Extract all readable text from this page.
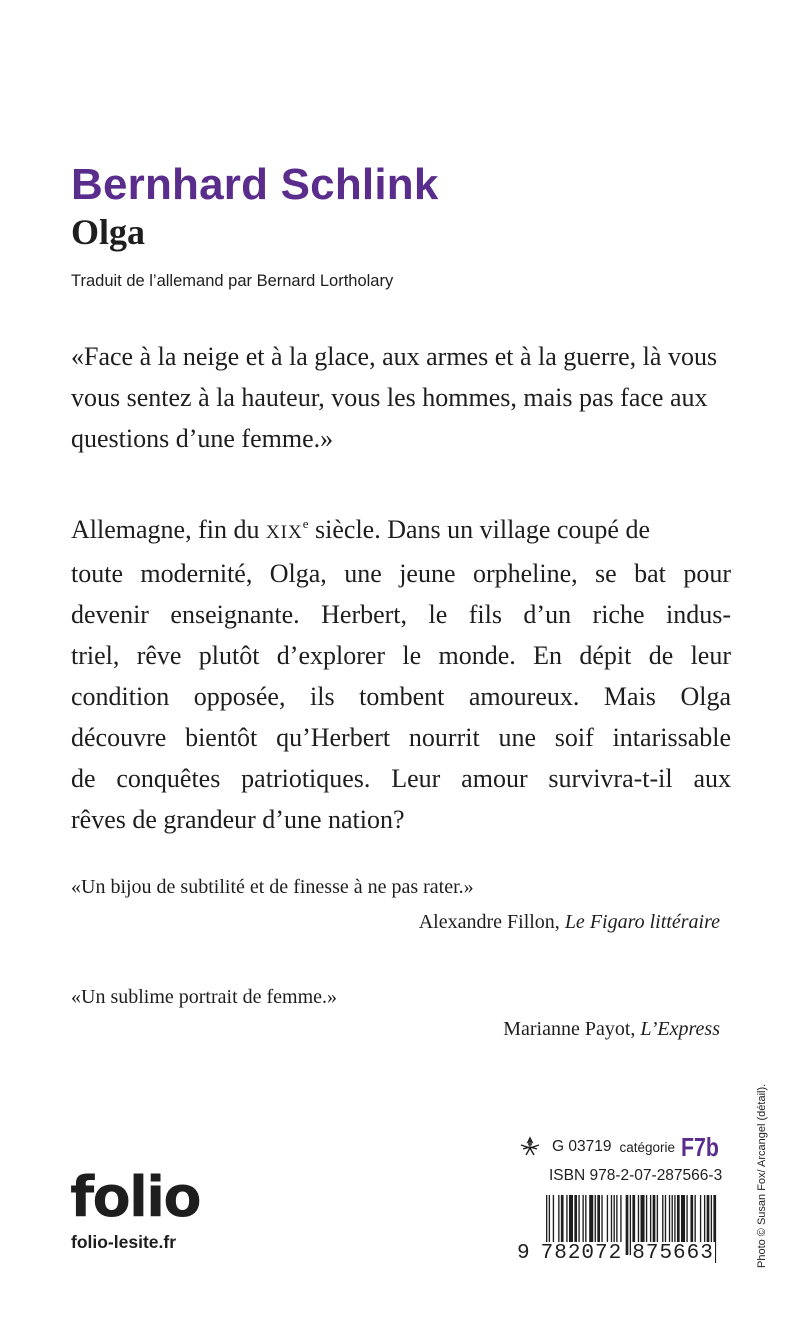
Bernhard Schlink
Olga
Traduit de l’allemand par Bernard Lortholary
«Face à la neige et à la glace, aux armes et à la guerre, là vous vous sentez à la hauteur, vous les hommes, mais pas face aux questions d’une femme.»
Allemagne, fin du XIXe siècle. Dans un village coupé de
toute modernité, Olga, une jeune orpheline, se bat pour
devenir enseignante. Herbert, le fils d’un riche indus-
triel, rêve plutôt d’explorer le monde. En dépit de leur
condition opposée, ils tombent amoureux. Mais Olga
découvre bientôt qu’Herbert nourrit une soif intarissable
de conquêtes patriotiques. Leur amour survivra-t-il aux
rêves de grandeur d’une nation?
«Un bijou de subtilité et de finesse à ne pas rater.»
Alexandre Fillon, Le Figaro littéraire
«Un sublime portrait de femme.»
Marianne Payot, L’Express
folio
folio-lesite.fr
G 03719 catégorie F7b
ISBN 978-2-07-287566-3
9 782072 875663	Photo © Susan Fox/ Arcangel (détail).
